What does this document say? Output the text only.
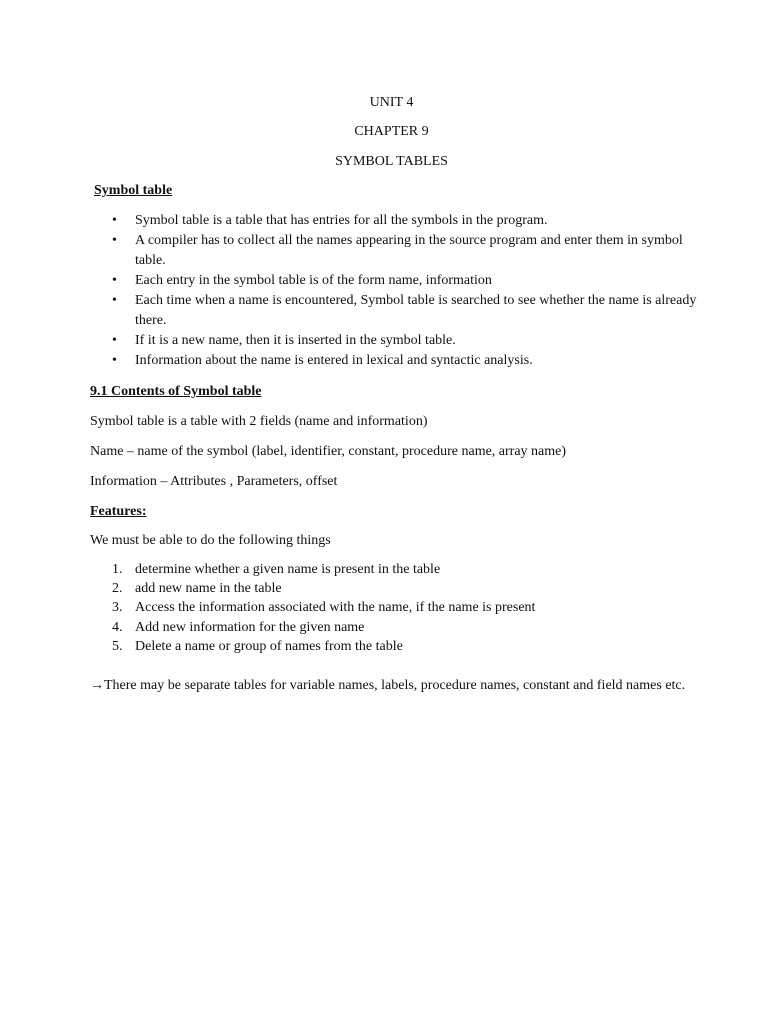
UNIT 4
CHAPTER 9
SYMBOL TABLES
Symbol table
• Symbol table is a table that has entries for all the symbols in the program.
• A compiler has to collect all the names appearing in the source program and enter them in symbol table.
• Each entry in the symbol table is of the form name, information
• Each time when a name is encountered, Symbol table is searched to see whether the name is already there.
• If it is a new name, then it is inserted in the symbol table.
• Information about the name is entered in lexical and syntactic analysis.
9.1 Contents of Symbol table
Symbol table is a table with 2 fields (name and information)
Name – name of the symbol (label, identifier, constant, procedure name, array name)
Information – Attributes , Parameters, offset
Features:
We must be able to do the following things
1. determine whether a given name is present in the table
2. add new name in the table
3. Access the information associated with the name, if the name is present
4. Add new information for the given name
5. Delete a name or group of names from the table
→There may be separate tables for variable names, labels, procedure names, constant and field names etc.
